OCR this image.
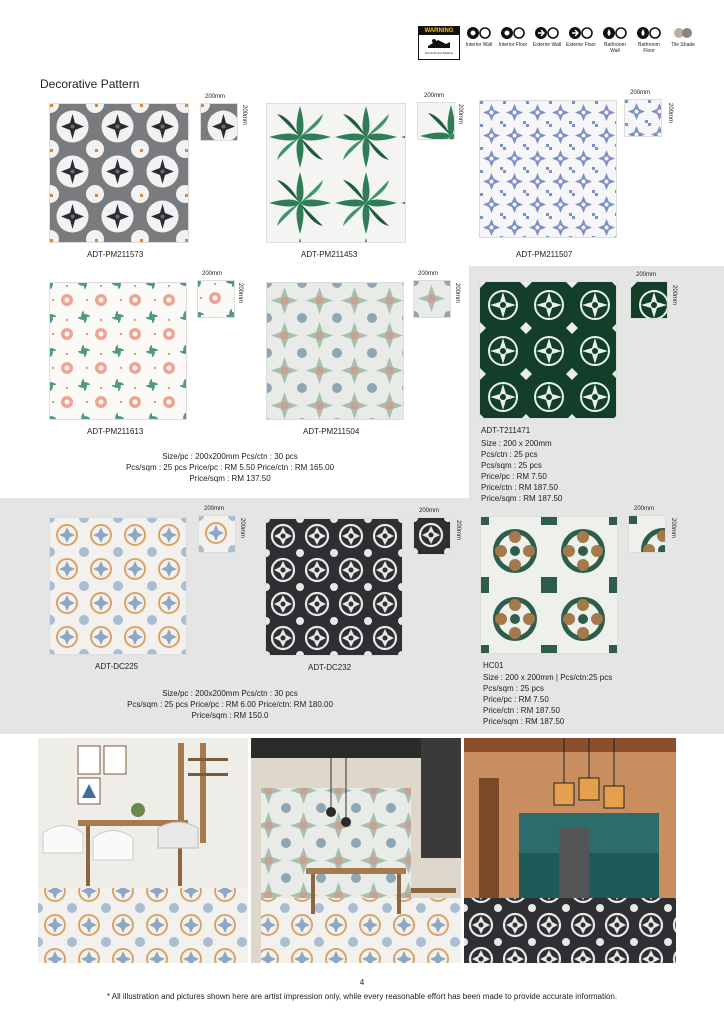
WARNING
Not Acid and Alkaline
Interior Wall	Interior Floor Exterior Wall Exterior Floor	Bathroom Wall
Bathroom Floor
Tile Shade
Decorative Pattern
200mm
200mm
ADT-PM211573
200mm
200mm
ADT-PM211453
200mm
200mm
ADT-PM211507
200mm
200mm
ADT-PM211613
200mm
200mm
ADT-PM211504
200mm
200mm
ADT-T211471
Size : 200 x 200mm
Pcs/ctn : 25 pcs
Pcs/sqm : 25 pcs
Price/pc : RM 7.50
Price/ctn : RM 187.50
Price/sqm : RM 187.50
Size/pc : 200x200mm Pcs/ctn : 30 pcs
Pcs/sqm : 25 pcs Price/pc : RM 5.50 Price/ctn : RM 165.00
Price/sqm : RM 137.50
200mm
200mm
ADT-DC225
200mm
200mm
ADT-DC232
200mm
200mm
HC01
Size : 200 x 200mm | Pcs/ctn:25 pcs
Pcs/sqm : 25 pcs
Price/pc : RM 7.50
Price/ctn : RM 187.50
Price/sqm : RM 187.50
Size/pc : 200x200mm Pcs/ctn : 30 pcs
Pcs/sqm : 25 pcs Price/pc : RM 6.00 Price/ctn: RM 180.00
Price/sqm : RM 150.0
4
* All illustration and pictures shown here are artist impression only, while every reasonable effort has been made to provide accurate information.
